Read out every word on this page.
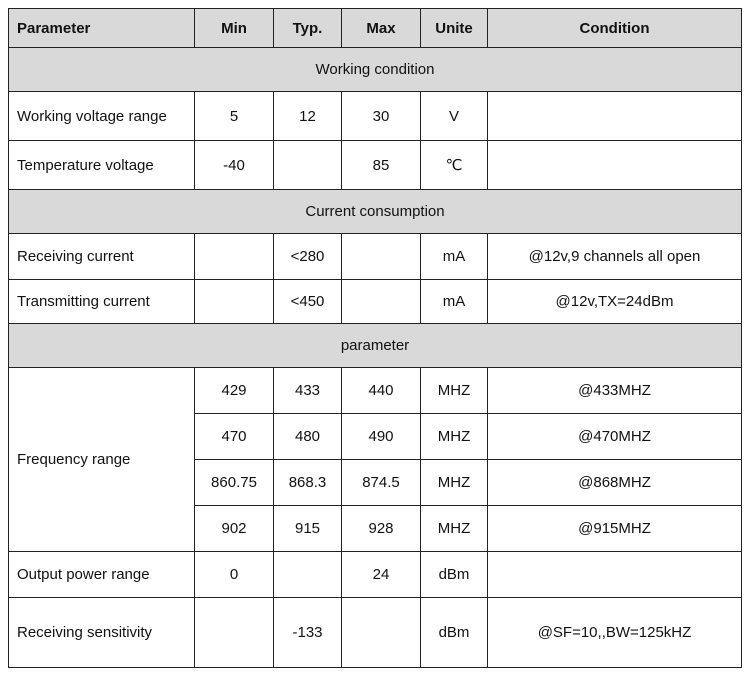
Parameter	Min	Typ.	Max	Unite	Condition
Working condition					
Working voltage range	5	12	30	V	
Temperature voltage	-40		85	℃	
Current consumption					
Receiving current		<280		mA	@12v,9 channels all open
Transmitting current		<450		mA	@12v,TX=24dBm
parameter					
Frequency range	429	433	440	MHZ	@433MHZ
	470	480	490	MHZ	@470MHZ
	860.75	868.3	874.5	MHZ	@868MHZ
	902	915	928	MHZ	@915MHZ
Output power range	0		24	dBm	
Receiving sensitivity		-133		dBm	@SF=10,,BW=125kHZ
